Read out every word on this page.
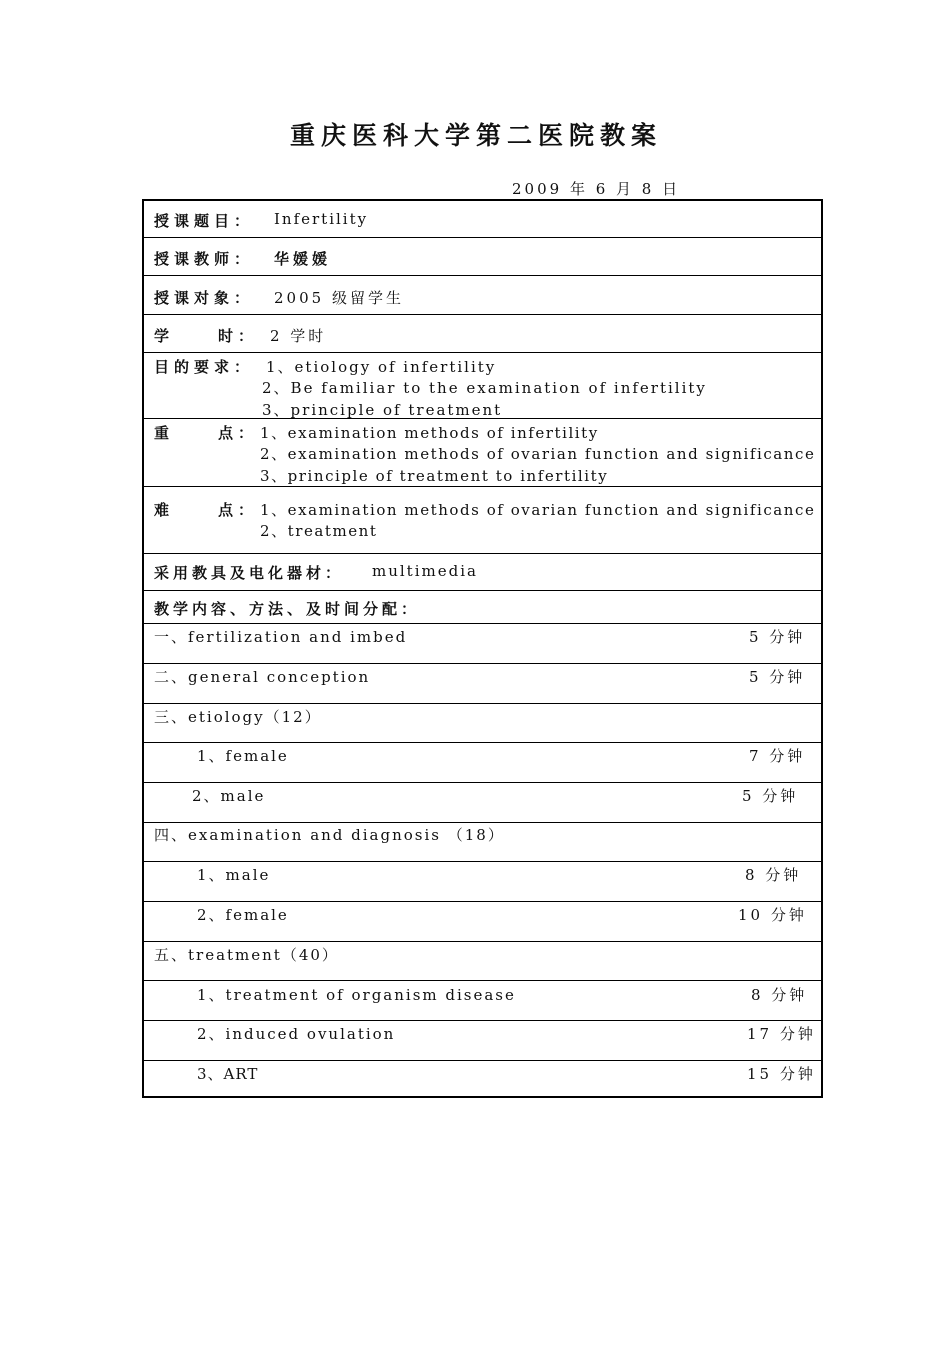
重庆医科大学第二医院教案
2009 年 6 月 8 日
授课题目： Infertility
授课教师： 华媛媛
授课对象： 2005 级留学生
学	时： 2 学时
目的要求： 1、etiology of infertility
2、Be familiar to the examination of infertility
3、principle of treatment
重	点： 1、examination methods of infertility
2、examination methods of ovarian function and significance
3、principle of treatment to infertility
难	点： 1、examination methods of ovarian function and significance
2、treatment
采用教具及电化器材： multimedia
教学内容、方法、及时间分配：
一、fertilization and imbed	5 分钟
二、general conception	5 分钟
三、etiology（12）
1、female	7 分钟
2、male	5 分钟
四、examination and diagnosis （18）
1、male	8 分钟
2、female	10 分钟
五、treatment（40）
1、treatment of organism disease	8 分钟
2、induced ovulation	17 分钟
3、ART	15 分钟
